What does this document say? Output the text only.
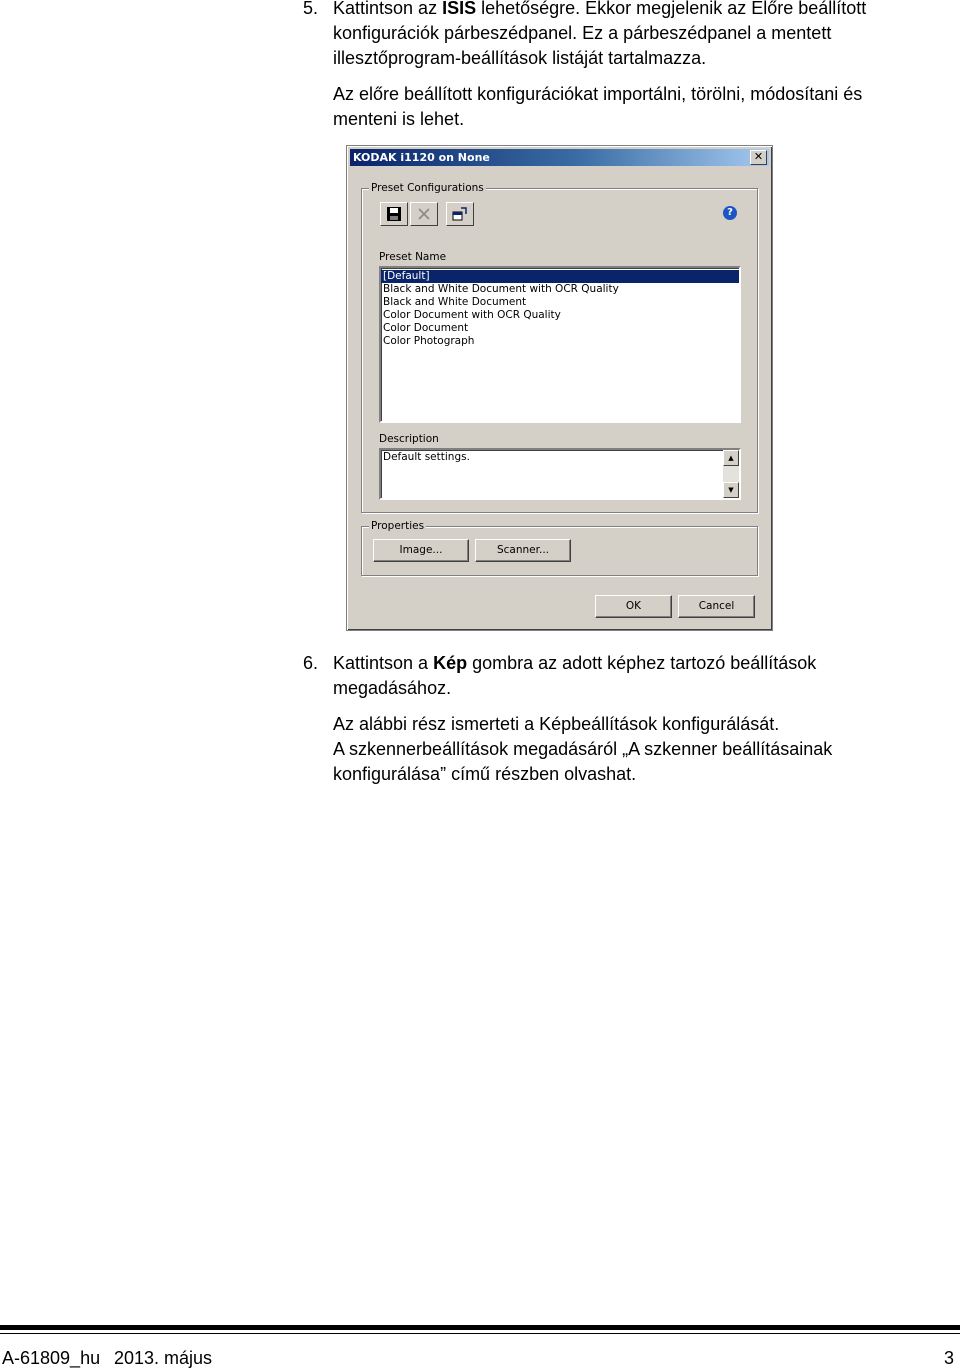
5. Kattintson az ISIS lehetőségre. Ekkor megjelenik az Előre beállított
konfigurációk párbeszédpanel. Ez a párbeszédpanel a mentett
illesztőprogram-beállítások listáját tartalmazza.
Az előre beállított konfigurációkat importálni, törölni, módosítani és
menteni is lehet.
KODAK i1120 on None	✕
Preset Configurations
?
Preset Name
[Default]
Black and White Document with OCR Quality
Black and White Document
Color Document with OCR Quality
Color Document
Color Photograph
Description
Default settings.	▲
▼
Properties
Image...	Scanner...
OK	Cancel
6. Kattintson a Kép gombra az adott képhez tartozó beállítások
megadásához.
Az alábbi rész ismerteti a Képbeállítások konfigurálását.
A szkennerbeállítások megadásáról „A szkenner beállításainak
konfigurálása” című részben olvashat.
A-61809_hu 2013. május	3
